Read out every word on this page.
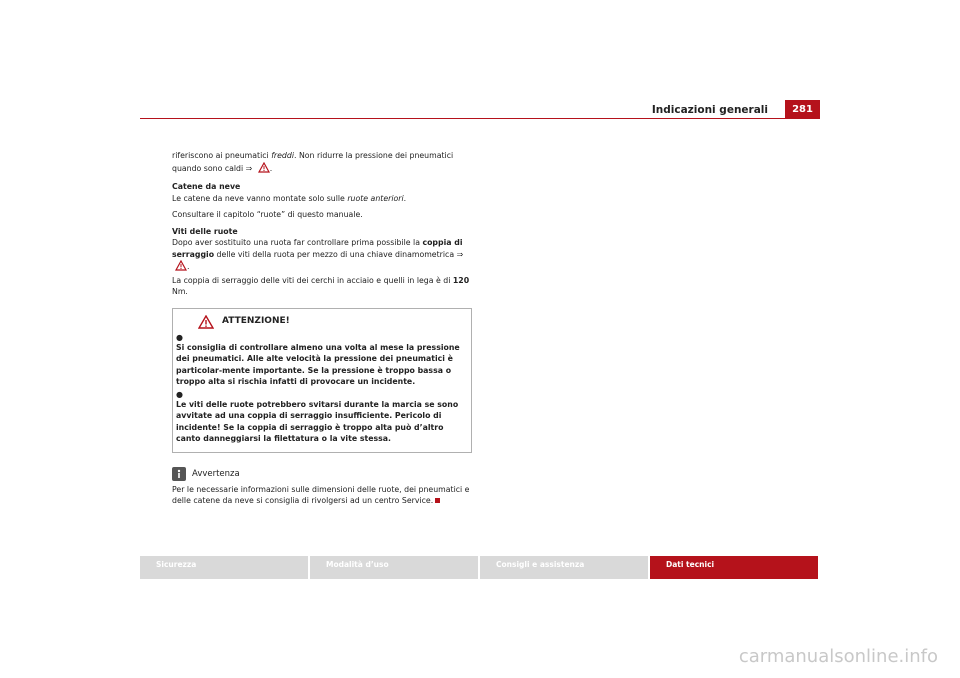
Indicazioni generali	281

riferiscono ai pneumatici freddi. Non ridurre la pressione dei pneumatici quando sono caldi ⇒ .

Catene da neve

Le catene da neve vanno montate solo sulle ruote anteriori.

Consultare il capitolo “ruote” di questo manuale.

Viti delle ruote

Dopo aver sostituito una ruota far controllare prima possibile la coppia di serraggio delle viti della ruota per mezzo di una chiave dinamometrica ⇒ .

La coppia di serraggio delle viti dei cerchi in acciaio e quelli in lega è di 120
Nm.

ATTENZIONE!
●
Si consiglia di controllare almeno una volta al mese la pressione dei pneumatici. Alle alte velocità la pressione dei pneumatici è particolar-mente importante. Se la pressione è troppo bassa o troppo alta si rischia infatti di provocare un incidente.
●
Le viti delle ruote potrebbero svitarsi durante la marcia se sono avvitate ad una coppia di serraggio insufficiente. Pericolo di incidente! Se la coppia di serraggio è troppo alta può d’altro canto danneggiarsi la filettatura o la vite stessa.
Avvertenza

Per le necessarie informazioni sulle dimensioni delle ruote, dei pneumatici e delle catene da neve si consiglia di rivolgersi ad un centro Service.

Sicurezza	Modalità d’uso	Consigli e assistenza	Dati tecnici
carmanualsonline.info
